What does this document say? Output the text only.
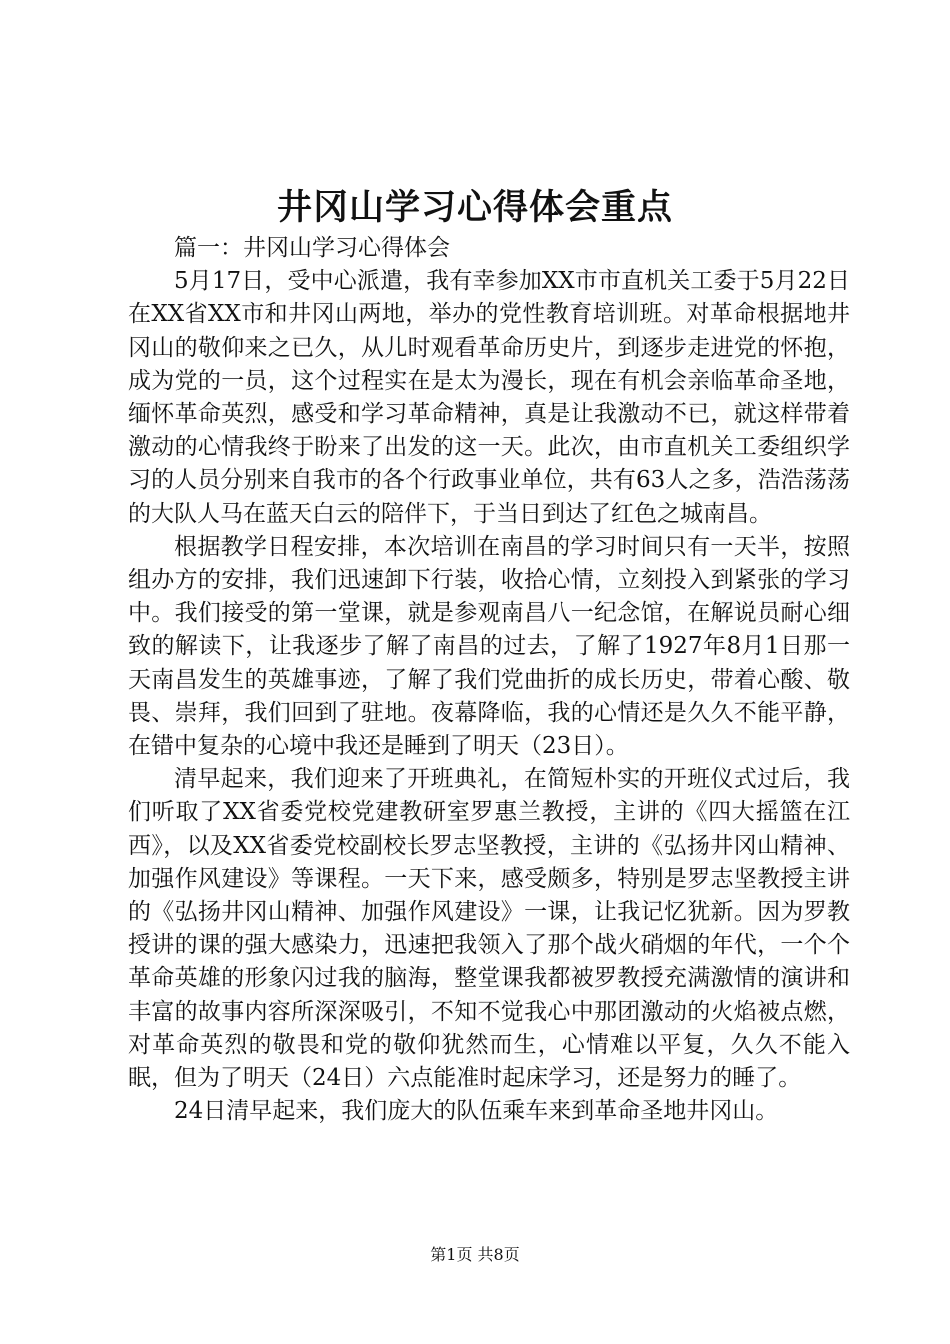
井冈山学习心得体会重点

篇一：井冈山学习心得体会

5月17日，受中心派遣，我有幸参加XX市市直机关工委于5月22日在XX省XX市和井冈山两地，举办的党性教育培训班。对革命根据地井冈山的敬仰来之已久，从儿时观看革命历史片，到逐步走进党的怀抱，成为党的一员，这个过程实在是太为漫长，现在有机会亲临革命圣地，缅怀革命英烈，感受和学习革命精神，真是让我激动不已，就这样带着激动的心情我终于盼来了出发的这一天。此次，由市直机关工委组织学习的人员分别来自我市的各个行政事业单位，共有63人之多，浩浩荡荡的大队人马在蓝天白云的陪伴下，于当日到达了红色之城南昌。

根据教学日程安排，本次培训在南昌的学习时间只有一天半，按照组办方的安排，我们迅速卸下行装，收拾心情，立刻投入到紧张的学习中。我们接受的第一堂课，就是参观南昌八一纪念馆，在解说员耐心细致的解读下，让我逐步了解了南昌的过去，了解了1927年8月1日那一天南昌发生的英雄事迹，了解了我们党曲折的成长历史，带着心酸、敬畏、崇拜，我们回到了驻地。夜幕降临，我的心情还是久久不能平静，在错中复杂的心境中我还是睡到了明天（23日）。

清早起来，我们迎来了开班典礼，在简短朴实的开班仪式过后，我们听取了XX省委党校党建教研室罗惠兰教授，主讲的《四大摇篮在江西》，以及XX省委党校副校长罗志坚教授，主讲的《弘扬井冈山精神、加强作风建设》等课程。一天下来，感受颇多，特别是罗志坚教授主讲的《弘扬井冈山精神、加强作风建设》一课，让我记忆犹新。因为罗教授讲的课的强大感染力，迅速把我领入了那个战火硝烟的年代，一个个革命英雄的形象闪过我的脑海，整堂课我都被罗教授充满激情的演讲和丰富的故事内容所深深吸引，不知不觉我心中那团激动的火焰被点燃，对革命英烈的敬畏和党的敬仰犹然而生，心情难以平复，久久不能入眠，但为了明天（24日）六点能准时起床学习，还是努力的睡了。

24日清早起来，我们庞大的队伍乘车来到革命圣地井冈山。

第1页 共8页
